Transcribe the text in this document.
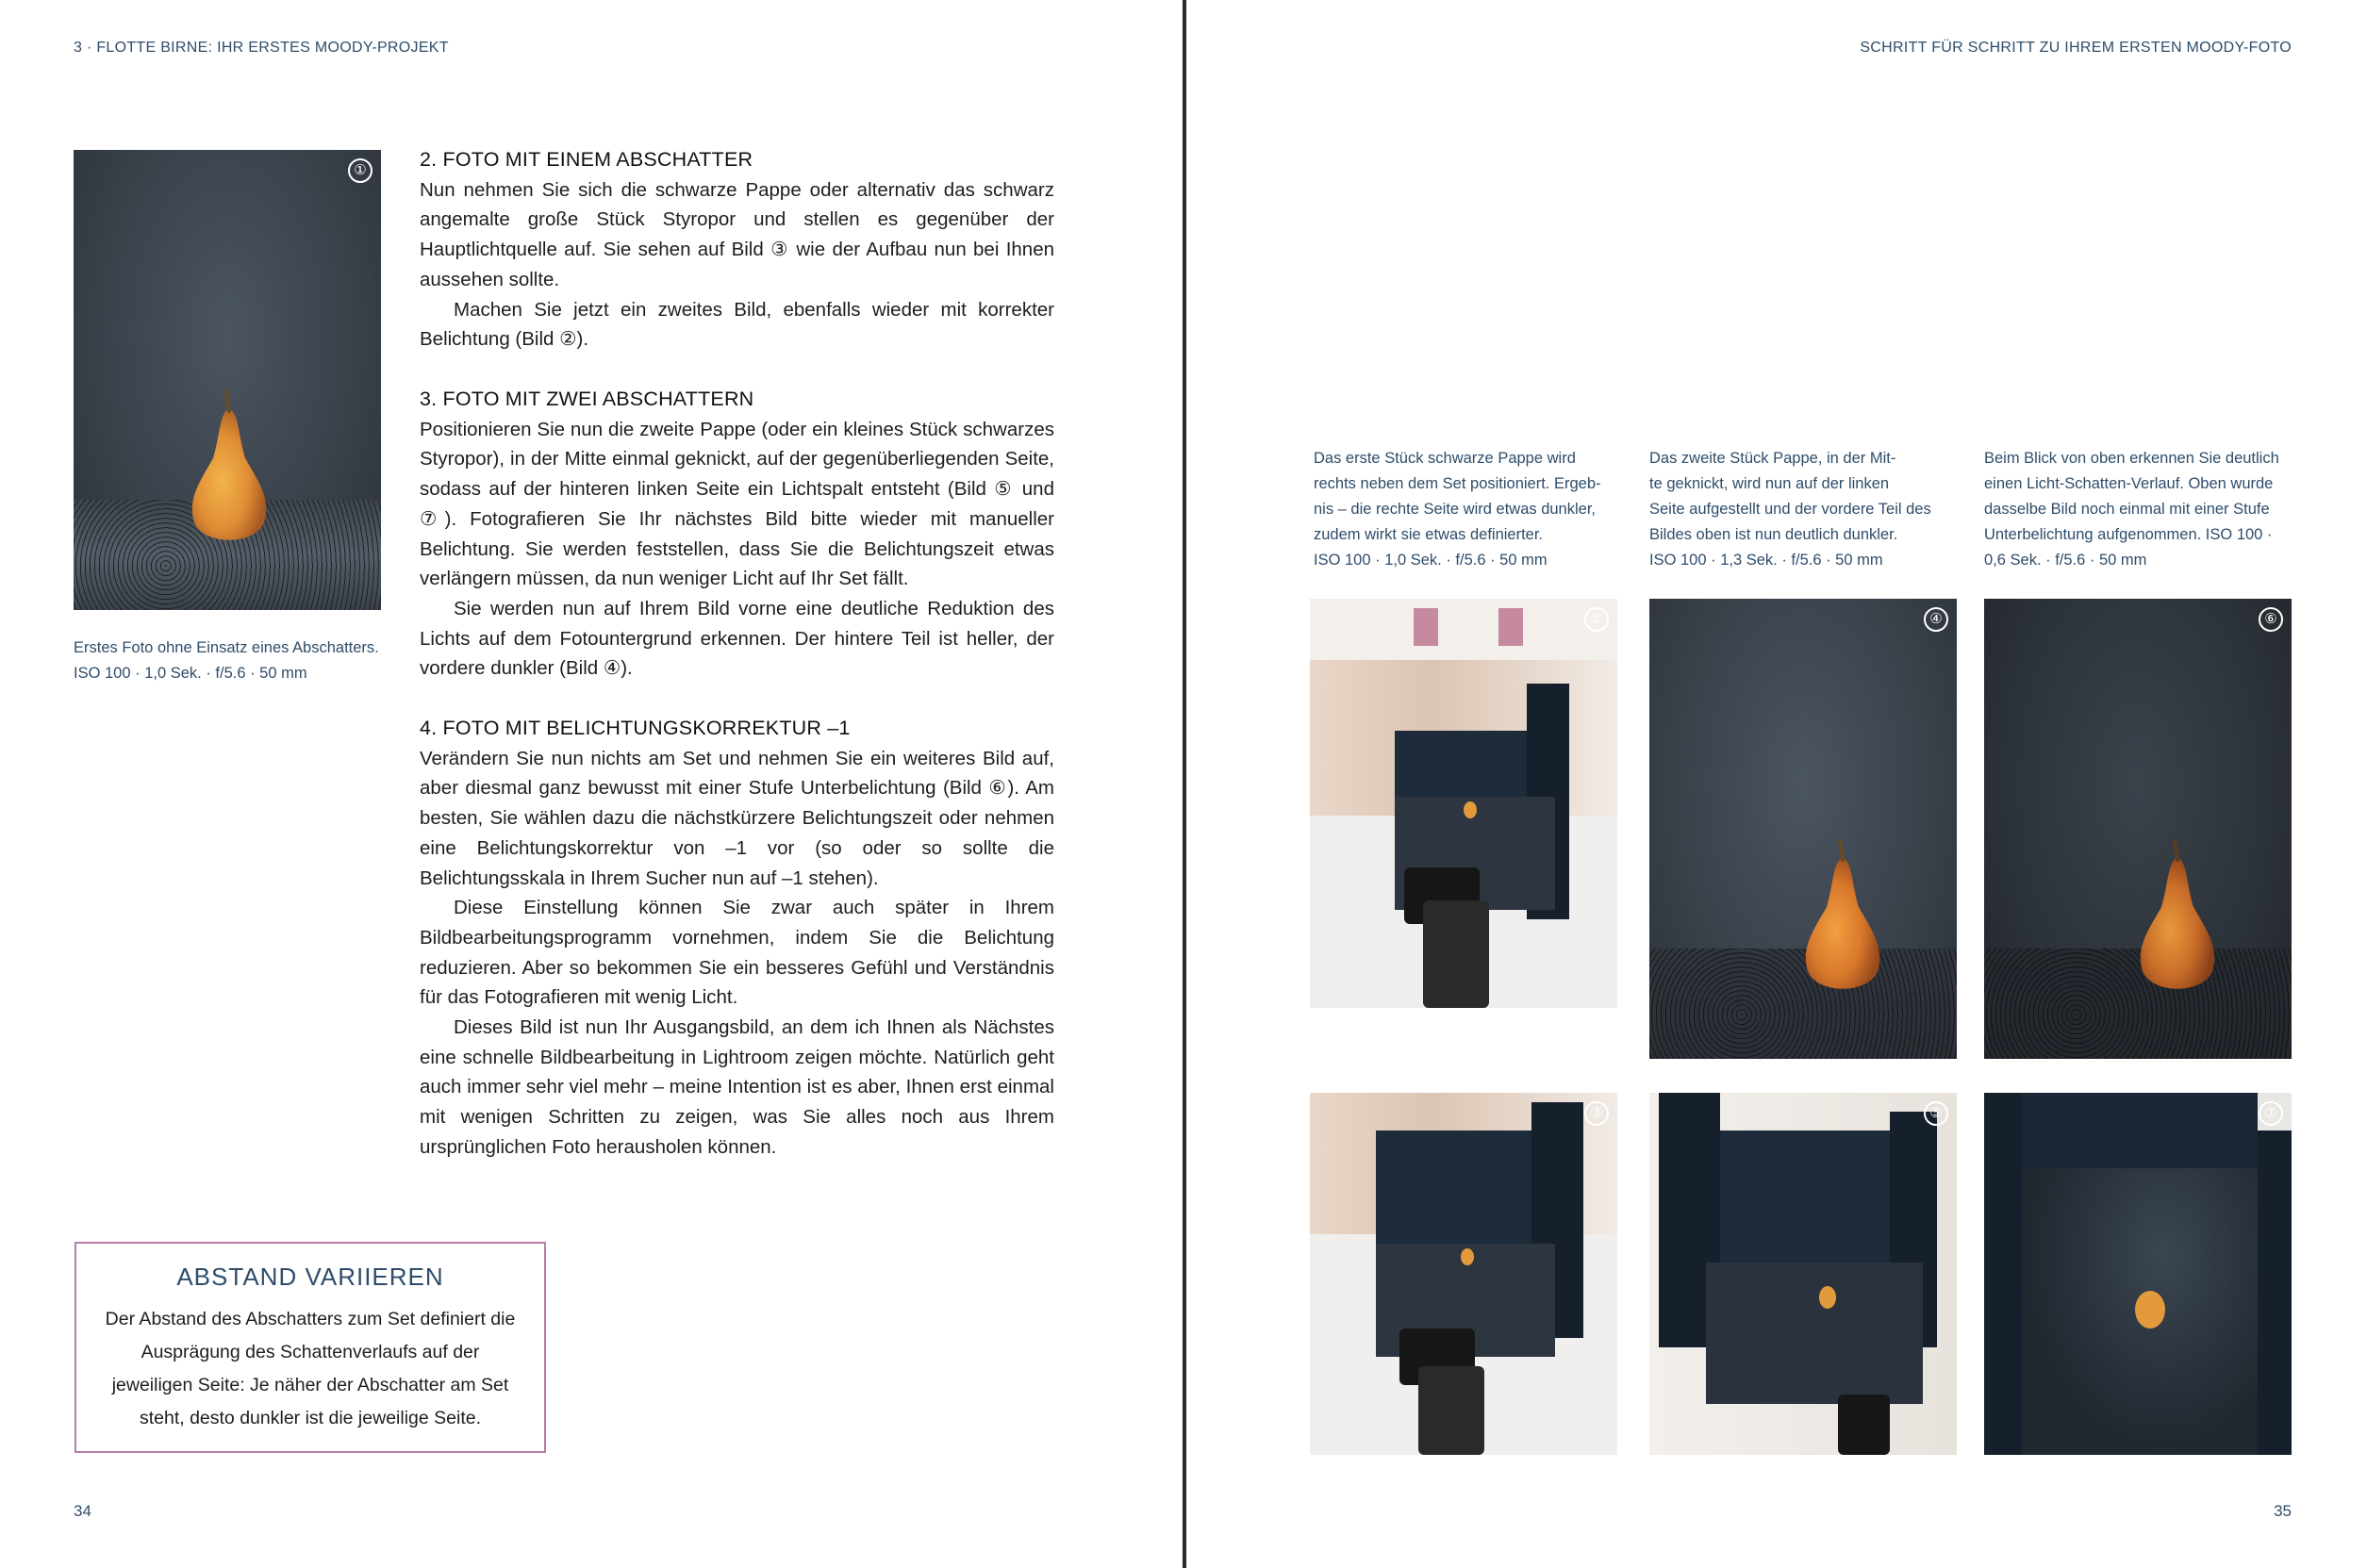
3 · FLOTTE BIRNE: IHR ERSTES MOODY-PROJEKT
①
Erstes Foto ohne Einsatz eines Abschatters.
ISO 100 · 1,0 Sek. · f/5.6 · 50 mm
2. FOTO MIT EINEM ABSCHATTER

Nun nehmen Sie sich die schwarze Pappe oder alternativ das schwarz angemalte große Stück Styropor und stellen es gegenüber der Hauptlichtquelle auf. Sie sehen auf Bild ③ wie der Aufbau nun bei Ihnen aussehen sollte.

Machen Sie jetzt ein zweites Bild, ebenfalls wieder mit korrekter Belichtung (Bild ②).

3. FOTO MIT ZWEI ABSCHATTERN

Positionieren Sie nun die zweite Pappe (oder ein kleines Stück schwarzes Styropor), in der Mitte einmal geknickt, auf der gegenüberliegenden Seite, sodass auf der hinteren linken Seite ein Lichtspalt entsteht (Bild ⑤ und ⑦). Fotografieren Sie Ihr nächstes Bild bitte wieder mit manueller Belichtung. Sie werden feststellen, dass Sie die Belichtungszeit etwas verlängern müssen, da nun weniger Licht auf Ihr Set fällt.

Sie werden nun auf Ihrem Bild vorne eine deutliche Reduktion des Lichts auf dem Fotountergrund erkennen. Der hintere Teil ist heller, der vordere dunkler (Bild ④).

4. FOTO MIT BELICHTUNGSKORREKTUR –1

Verändern Sie nun nichts am Set und nehmen Sie ein weiteres Bild auf, aber diesmal ganz bewusst mit einer Stufe Unterbelichtung (Bild ⑥). Am besten, Sie wählen dazu die nächstkürzere Belichtungszeit oder nehmen eine Belichtungskorrektur von –1 vor (so oder so sollte die Belichtungsskala in Ihrem Sucher nun auf –1 stehen).

Diese Einstellung können Sie zwar auch später in Ihrem Bildbearbeitungsprogramm vornehmen, indem Sie die Belichtung reduzieren. Aber so bekommen Sie ein besseres Gefühl und Verständnis für das Fotografieren mit wenig Licht.

Dieses Bild ist nun Ihr Ausgangsbild, an dem ich Ihnen als Nächstes eine schnelle Bildbearbeitung in Lightroom zeigen möchte. Natürlich geht auch immer sehr viel mehr – meine Intention ist es aber, Ihnen erst einmal mit wenigen Schritten zu zeigen, was Sie alles noch aus Ihrem ursprünglichen Foto herausholen können.

ABSTAND VARIIEREN
Der Abstand des Abschatters zum Set definiert die Ausprägung des Schattenverlaufs auf der jeweiligen Seite: Je näher der Abschatter am Set steht, desto dunkler ist die jeweilige Seite.
34
SCHRITT FÜR SCHRITT ZU IHREM ERSTEN MOODY-FOTO
Das erste Stück schwarze Pappe wird
rechts neben dem Set positioniert. Ergeb-
nis – die rechte Seite wird etwas dunkler,
zudem wirkt sie etwas definierter.
ISO 100 · 1,0 Sek. · f/5.6 · 50 mm
Das zweite Stück Pappe, in der Mit-
te geknickt, wird nun auf der linken
Seite aufgestellt und der vordere Teil des
Bildes oben ist nun deutlich dunkler.
ISO 100 · 1,3 Sek. · f/5.6 · 50 mm
Beim Blick von oben erkennen Sie deutlich
einen Licht-Schatten-Verlauf. Oben wurde
dasselbe Bild noch einmal mit einer Stufe
Unterbelichtung aufgenommen. ISO 100 ·
0,6 Sek. · f/5.6 · 50 mm
②	④	⑥
③	⑤	⑦
35
